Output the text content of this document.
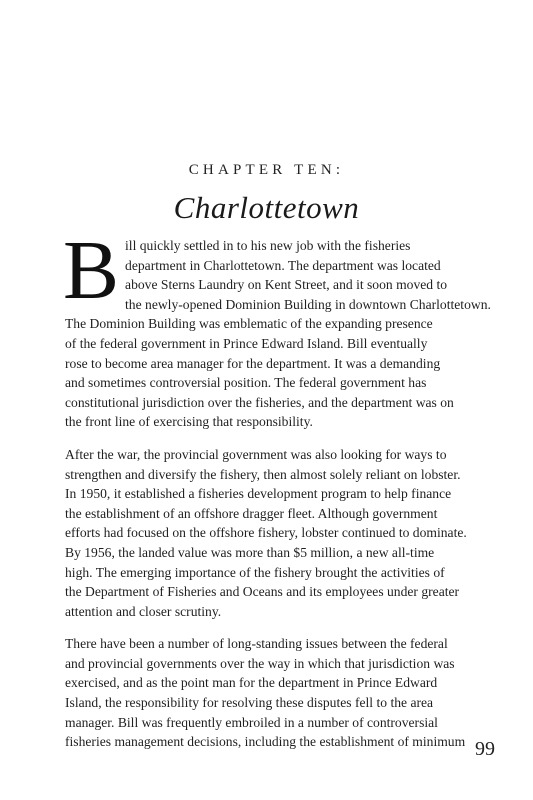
CHAPTER TEN:
Charlottetown

B ill quickly settled in to his new job with the fisheries
department in Charlottetown. The department was located
above Sterns Laundry on Kent Street, and it soon moved to
the newly-opened Dominion Building in downtown Charlottetown.
The Dominion Building was emblematic of the expanding presence
of the federal government in Prince Edward Island. Bill eventually
rose to become area manager for the department. It was a demanding
and sometimes controversial position. The federal government has
constitutional jurisdiction over the fisheries, and the department was on
the front line of exercising that responsibility.

After the war, the provincial government was also looking for ways to
strengthen and diversify the fishery, then almost solely reliant on lobster.
In 1950, it established a fisheries development program to help finance
the establishment of an offshore dragger fleet. Although government
efforts had focused on the offshore fishery, lobster continued to dominate.
By 1956, the landed value was more than $5 million, a new all-time
high. The emerging importance of the fishery brought the activities of
the Department of Fisheries and Oceans and its employees under greater
attention and closer scrutiny.

There have been a number of long-standing issues between the federal
and provincial governments over the way in which that jurisdiction was
exercised, and as the point man for the department in Prince Edward
Island, the responsibility for resolving these disputes fell to the area
manager. Bill was frequently embroiled in a number of controversial
fisheries management decisions, including the establishment of minimum 99
